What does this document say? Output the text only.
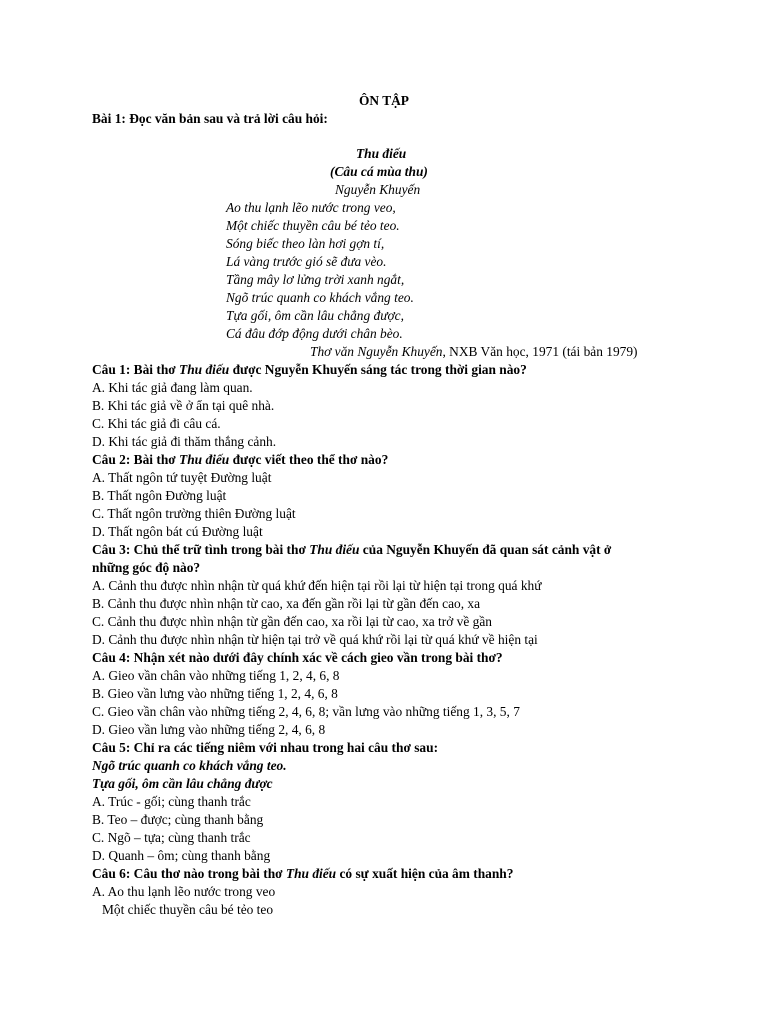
ÔN TẬP
Bài 1: Đọc văn bản sau và trả lời câu hỏi:
Thu điếu
(Câu cá mùa thu)
Nguyễn Khuyến
Ao thu lạnh lẽo nước trong veo,
Một chiếc thuyền câu bé tẻo teo.
Sóng biếc theo làn hơi gợn tí,
Lá vàng trước gió sẽ đưa vèo.
Tầng mây lơ lửng trời xanh ngắt,
Ngõ trúc quanh co khách vắng teo.
Tựa gối, ôm cần lâu chẳng được,
Cá đâu đớp động dưới chân bèo.
Thơ văn Nguyễn Khuyến, NXB Văn học, 1971 (tái bản 1979)
Câu 1: Bài thơ Thu điếu được Nguyễn Khuyến sáng tác trong thời gian nào?
A. Khi tác giả đang làm quan.
B. Khi tác giả về ở ẩn tại quê nhà.
C. Khi tác giả đi câu cá.
D. Khi tác giả đi thăm thắng cảnh.
Câu 2: Bài thơ Thu điếu được viết theo thể thơ nào?
A. Thất ngôn tứ tuyệt Đường luật
B. Thất ngôn Đường luật
C. Thất ngôn trường thiên Đường luật
D. Thất ngôn bát cú Đường luật
Câu 3: Chủ thể trữ tình trong bài thơ Thu điếu của Nguyễn Khuyến đã quan sát cảnh vật ở
những góc độ nào?
A. Cảnh thu được nhìn nhận từ quá khứ đến hiện tại rồi lại từ hiện tại trong quá khứ
B. Cảnh thu được nhìn nhận từ cao, xa đến gần rồi lại từ gần đến cao, xa
C. Cảnh thu được nhìn nhận từ gần đến cao, xa rồi lại từ cao, xa trở về gần
D. Cảnh thu được nhìn nhận từ hiện tại trở về quá khứ rồi lại từ quá khứ về hiện tại
Câu 4: Nhận xét nào dưới đây chính xác về cách gieo vần trong bài thơ?
A. Gieo vần chân vào những tiếng 1, 2, 4, 6, 8
B. Gieo vần lưng vào những tiếng 1, 2, 4, 6, 8
C. Gieo vần chân vào những tiếng 2, 4, 6, 8; vần lưng vào những tiếng 1, 3, 5, 7
D. Gieo vần lưng vào những tiếng 2, 4, 6, 8
Câu 5: Chỉ ra các tiếng niêm với nhau trong hai câu thơ sau:
Ngõ trúc quanh co khách vắng teo.
Tựa gối, ôm cần lâu chẳng được
A. Trúc - gối; cùng thanh trắc
B. Teo – được; cùng thanh bằng
C. Ngõ – tựa; cùng thanh trắc
D. Quanh – ôm; cùng thanh bằng
Câu 6: Câu thơ nào trong bài thơ Thu điếu có sự xuất hiện của âm thanh?
A. Ao thu lạnh lẽo nước trong veo
Một chiếc thuyền câu bé tẻo teo
